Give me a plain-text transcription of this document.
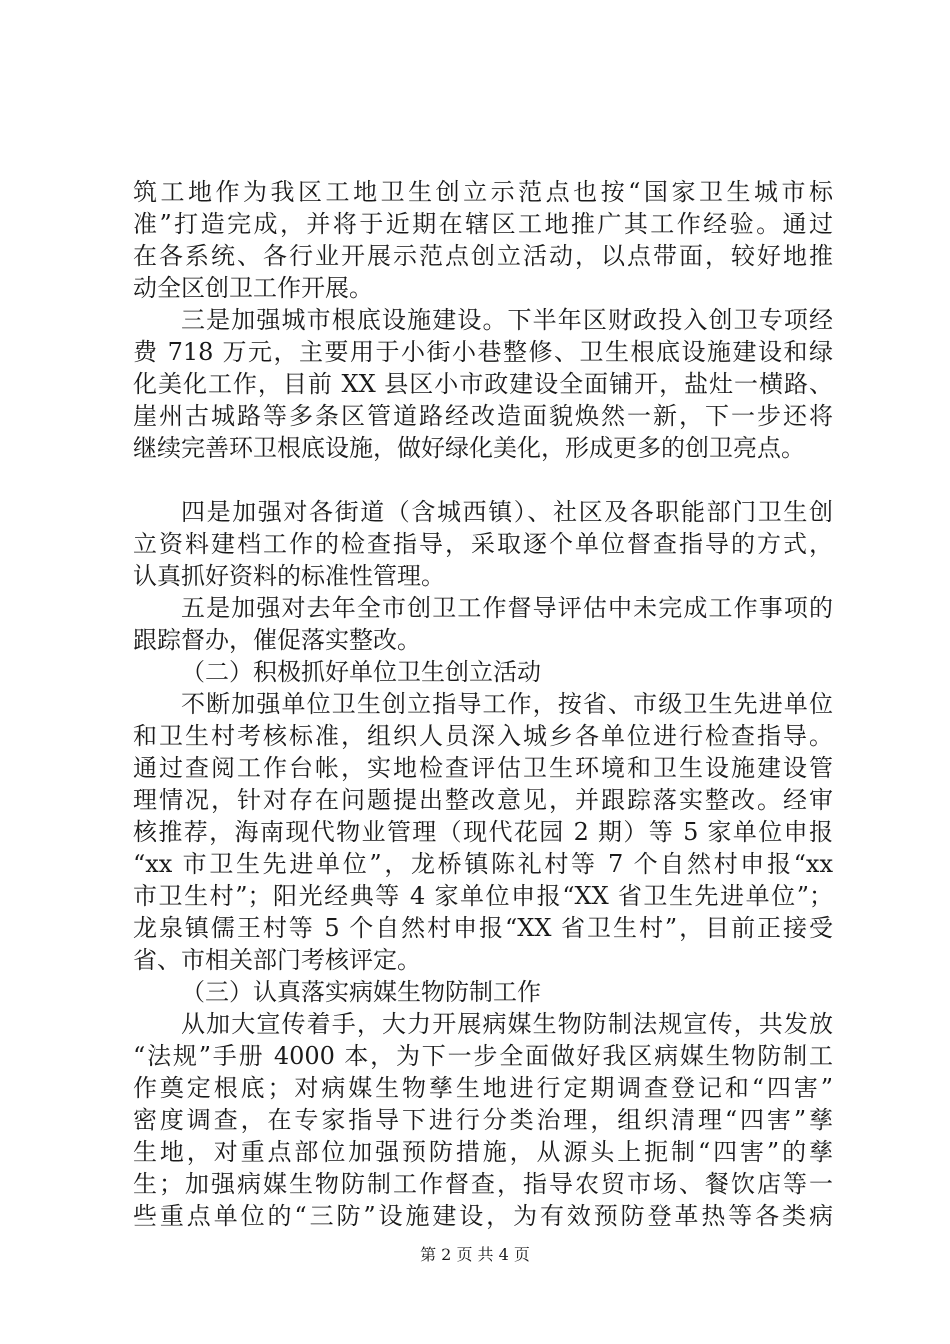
筑工地作为我区工地卫生创立示范点也按“国家卫生城市标
准”打造完成，并将于近期在辖区工地推广其工作经验。通过
在各系统、各行业开展示范点创立活动，以点带面，较好地推
动全区创卫工作开展。
三是加强城市根底设施建设。下半年区财政投入创卫专项经
费 718 万元，主要用于小街小巷整修、卫生根底设施建设和绿
化美化工作，目前 XX 县区小市政建设全面铺开，盐灶一横路、
崖州古城路等多条区管道路经改造面貌焕然一新，下一步还将
继续完善环卫根底设施，做好绿化美化，形成更多的创卫亮点。
四是加强对各街道（含城西镇）、社区及各职能部门卫生创
立资料建档工作的检查指导，采取逐个单位督查指导的方式，
认真抓好资料的标准性管理。
五是加强对去年全市创卫工作督导评估中未完成工作事项的
跟踪督办，催促落实整改。
（二）积极抓好单位卫生创立活动
不断加强单位卫生创立指导工作，按省、市级卫生先进单位
和卫生村考核标准，组织人员深入城乡各单位进行检查指导。
通过查阅工作台帐，实地检查评估卫生环境和卫生设施建设管
理情况，针对存在问题提出整改意见，并跟踪落实整改。经审
核推荐，海南现代物业管理（现代花园 2 期）等 5 家单位申报
“xx 市卫生先进单位”，龙桥镇陈礼村等 7 个自然村申报“xx
市卫生村”；阳光经典等 4 家单位申报“XX 省卫生先进单位”；
龙泉镇儒王村等 5 个自然村申报“XX 省卫生村”，目前正接受
省、市相关部门考核评定。
（三）认真落实病媒生物防制工作
从加大宣传着手，大力开展病媒生物防制法规宣传，共发放
“法规”手册 4000 本，为下一步全面做好我区病媒生物防制工
作奠定根底；对病媒生物孳生地进行定期调查登记和“四害”
密度调查，在专家指导下进行分类治理，组织清理“四害”孳
生地，对重点部位加强预防措施，从源头上扼制“四害”的孳
生；加强病媒生物防制工作督查，指导农贸市场、餐饮店等一
些重点单位的“三防”设施建设，为有效预防登革热等各类病
第 2 页 共 4 页
